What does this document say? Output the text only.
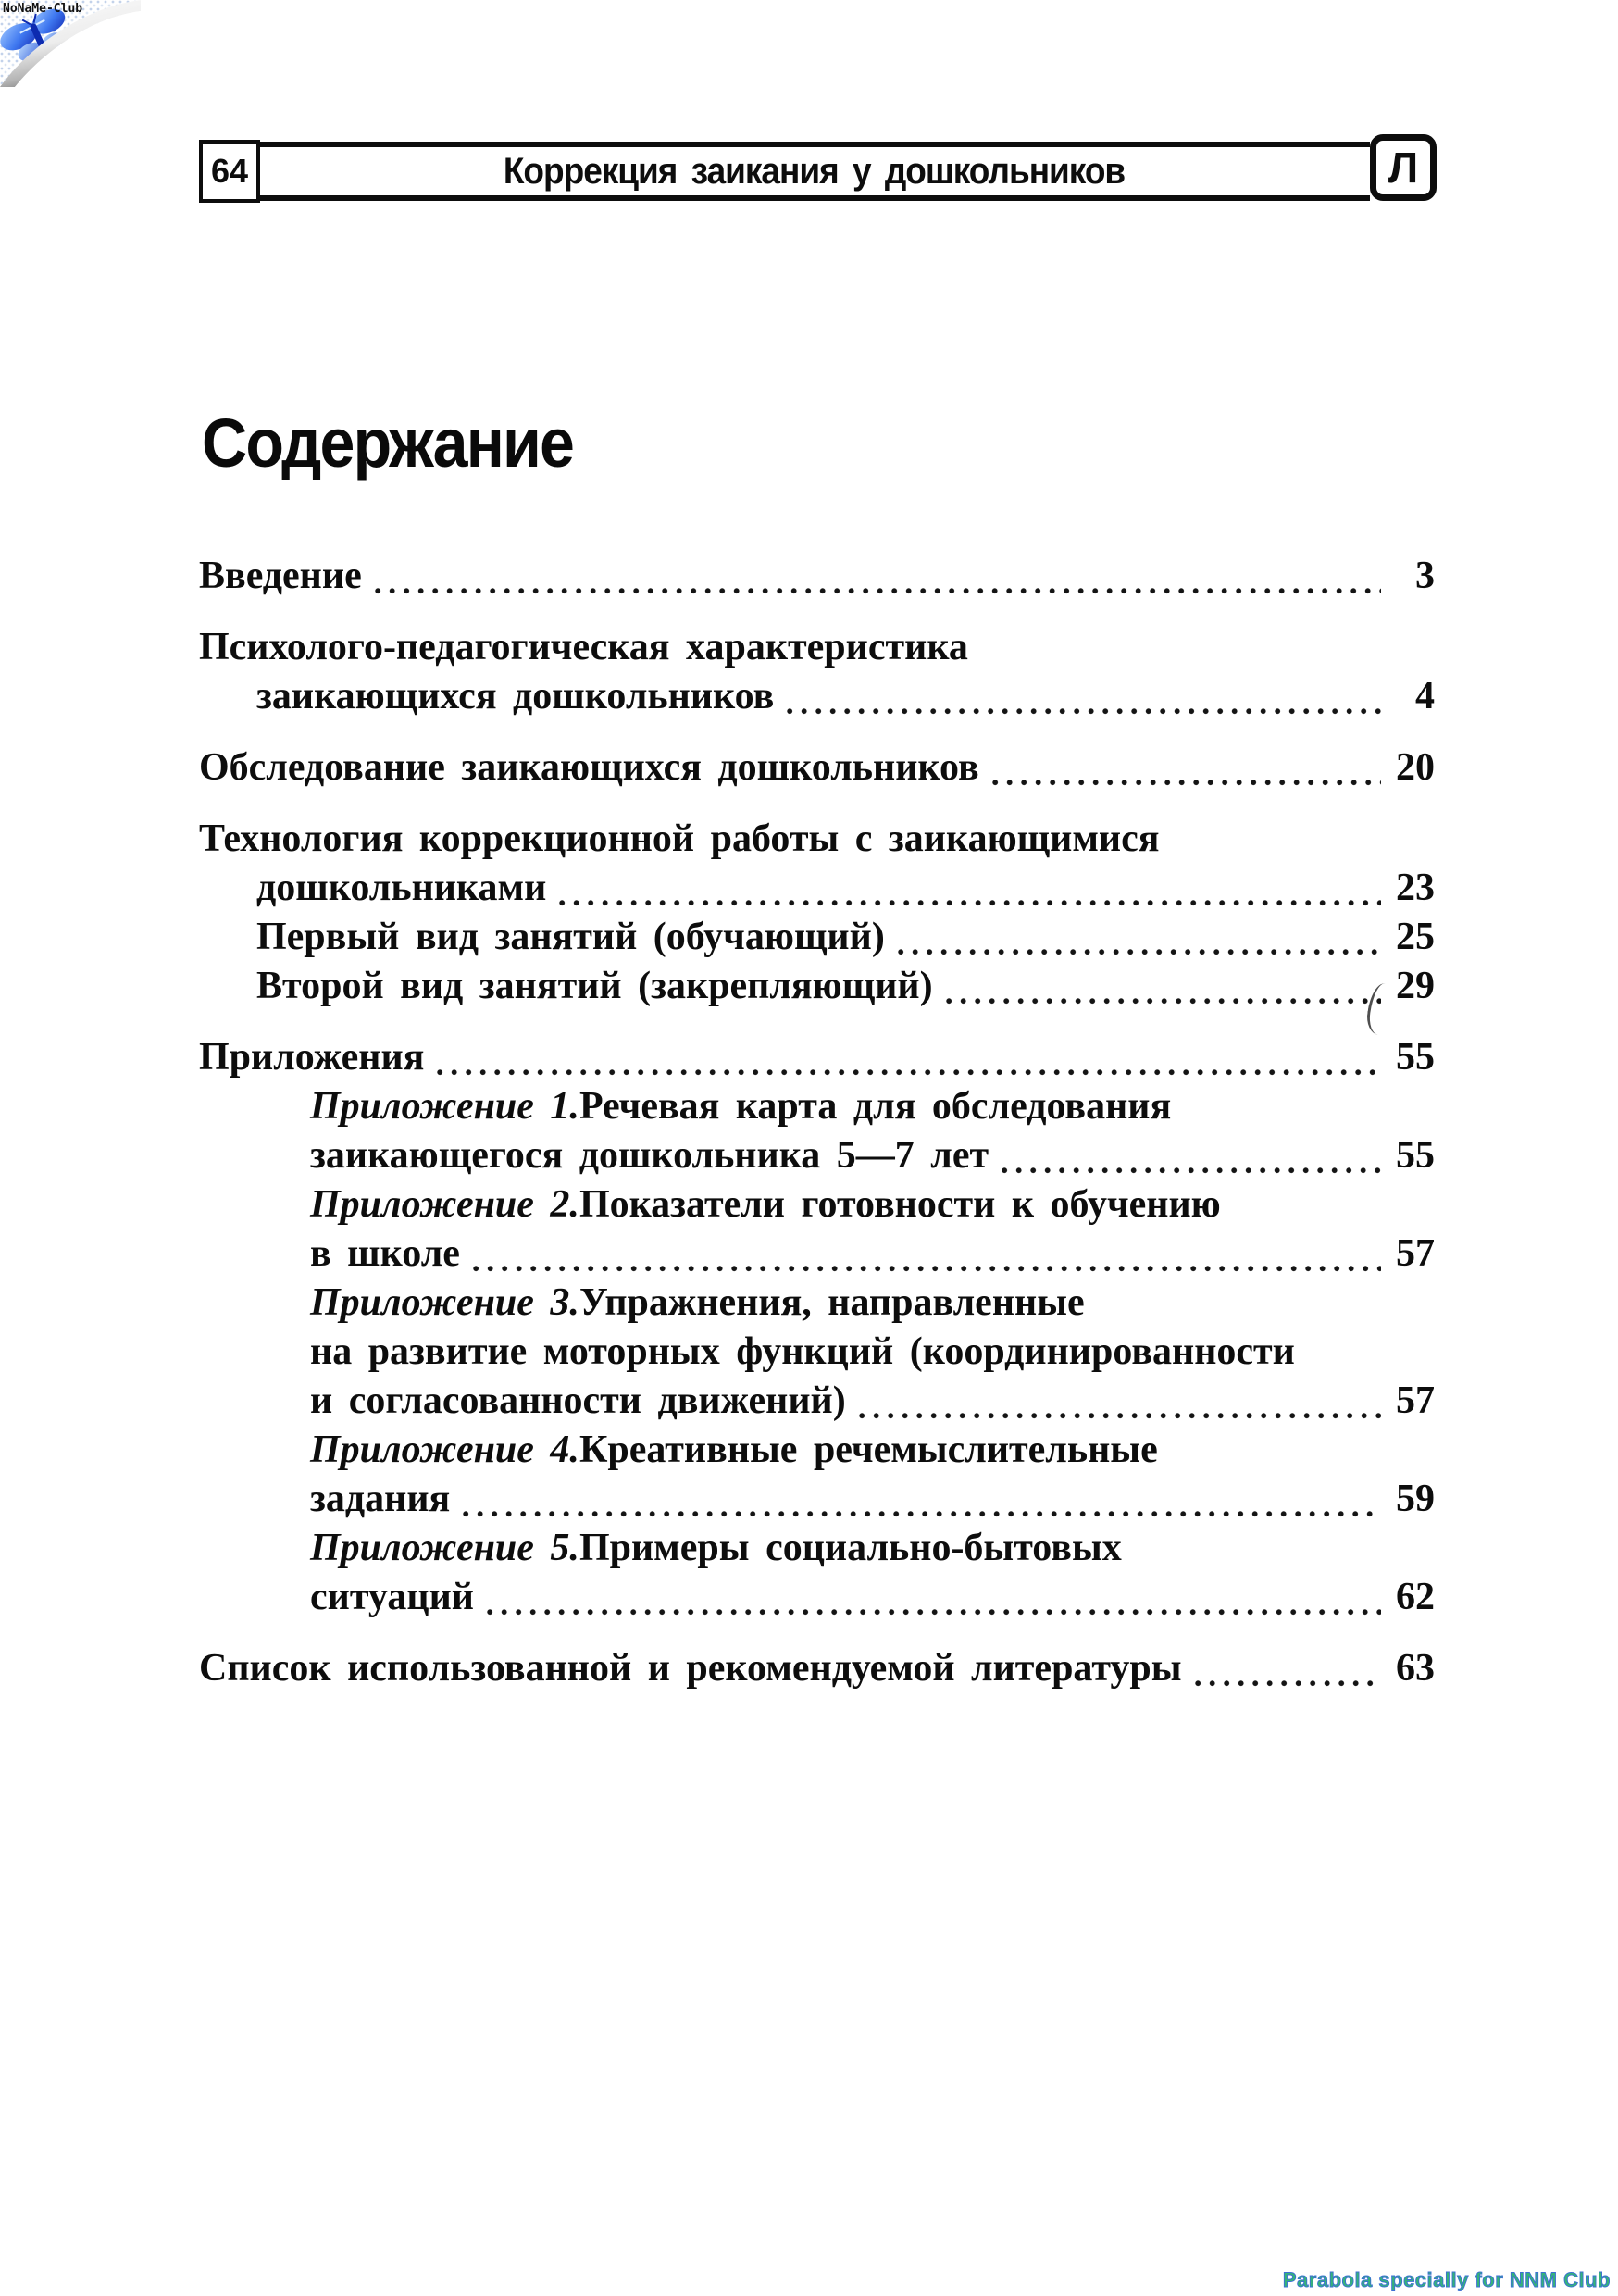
NoNaMe-Club
64	Коррекция заикания у дошкольников	Л
Содержание
Введение	3
Психолого-педагогическая характеристика
заикающихся дошкольников	4
Обследование заикающихся дошкольников	20
Технология коррекционной работы с заикающимися
дошкольниками	23
Первый вид занятий (обучающий)	25
Второй вид занятий (закрепляющий)	29
Приложения	55
Приложение 1. Речевая карта для обследования
заикающегося дошкольника 5—7 лет	55
Приложение 2. Показатели готовности к обучению
в школе	57
Приложение 3. Упражнения, направленные
на развитие моторных функций (координированности
и согласованности движений)	57
Приложение 4. Креативные речемыслительные
задания	59
Приложение 5. Примеры социально-бытовых
ситуаций	62
Список использованной и рекомендуемой литературы	63
Parabola specially for NNM Club
